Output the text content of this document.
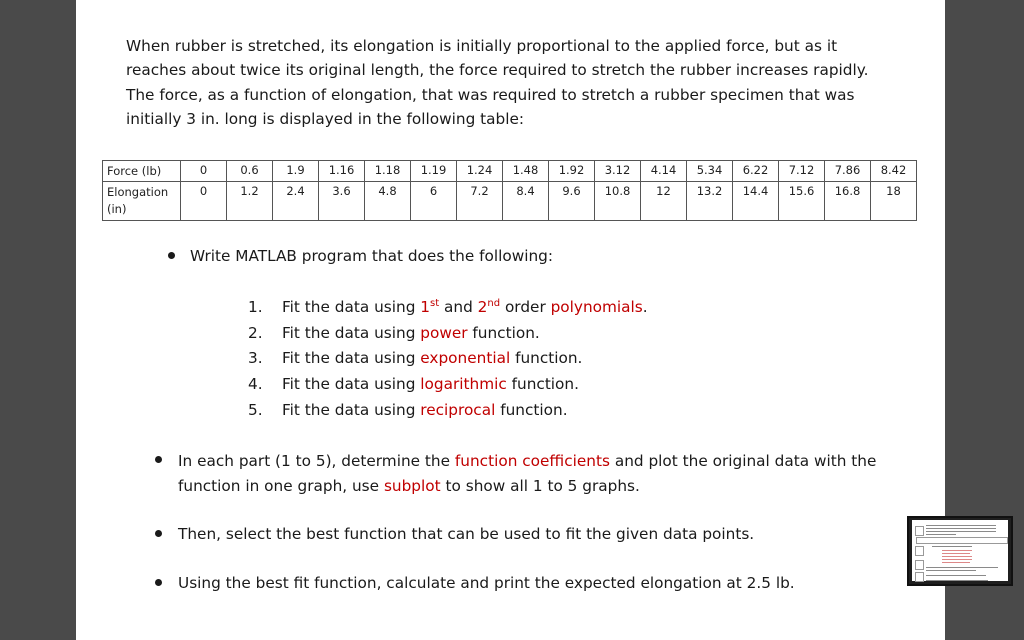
When rubber is stretched, its elongation is initially proportional to the applied force, but as it reaches about twice its original length, the force required to stretch the rubber increases rapidly. The force, as a function of elongation, that was required to stretch a rubber specimen that was initially 3 in. long is displayed in the following table:

Force (lb)	0	0.6	1.9	1.16	1.18	1.19	1.24	1.48	1.92	3.12	4.14	5.34	6.22	7.12	7.86	8.42
Elongation
(in)	0	1.2	2.4	3.6	4.8	6	7.2	8.4	9.6	10.8	12	13.2	14.4	15.6	16.8	18
Write MATLAB program that does the following:
1. Fit the data using 1st and 2nd order polynomials.
2. Fit the data using power function.
3. Fit the data using exponential function.
4. Fit the data using logarithmic function.
5. Fit the data using reciprocal function.
In each part (1 to 5), determine the function coefficients and plot the original data with the
function in one graph, use subplot to show all 1 to 5 graphs.
Then, select the best function that can be used to fit the given data points.
Using the best fit function, calculate and print the expected elongation at 2.5 lb.
